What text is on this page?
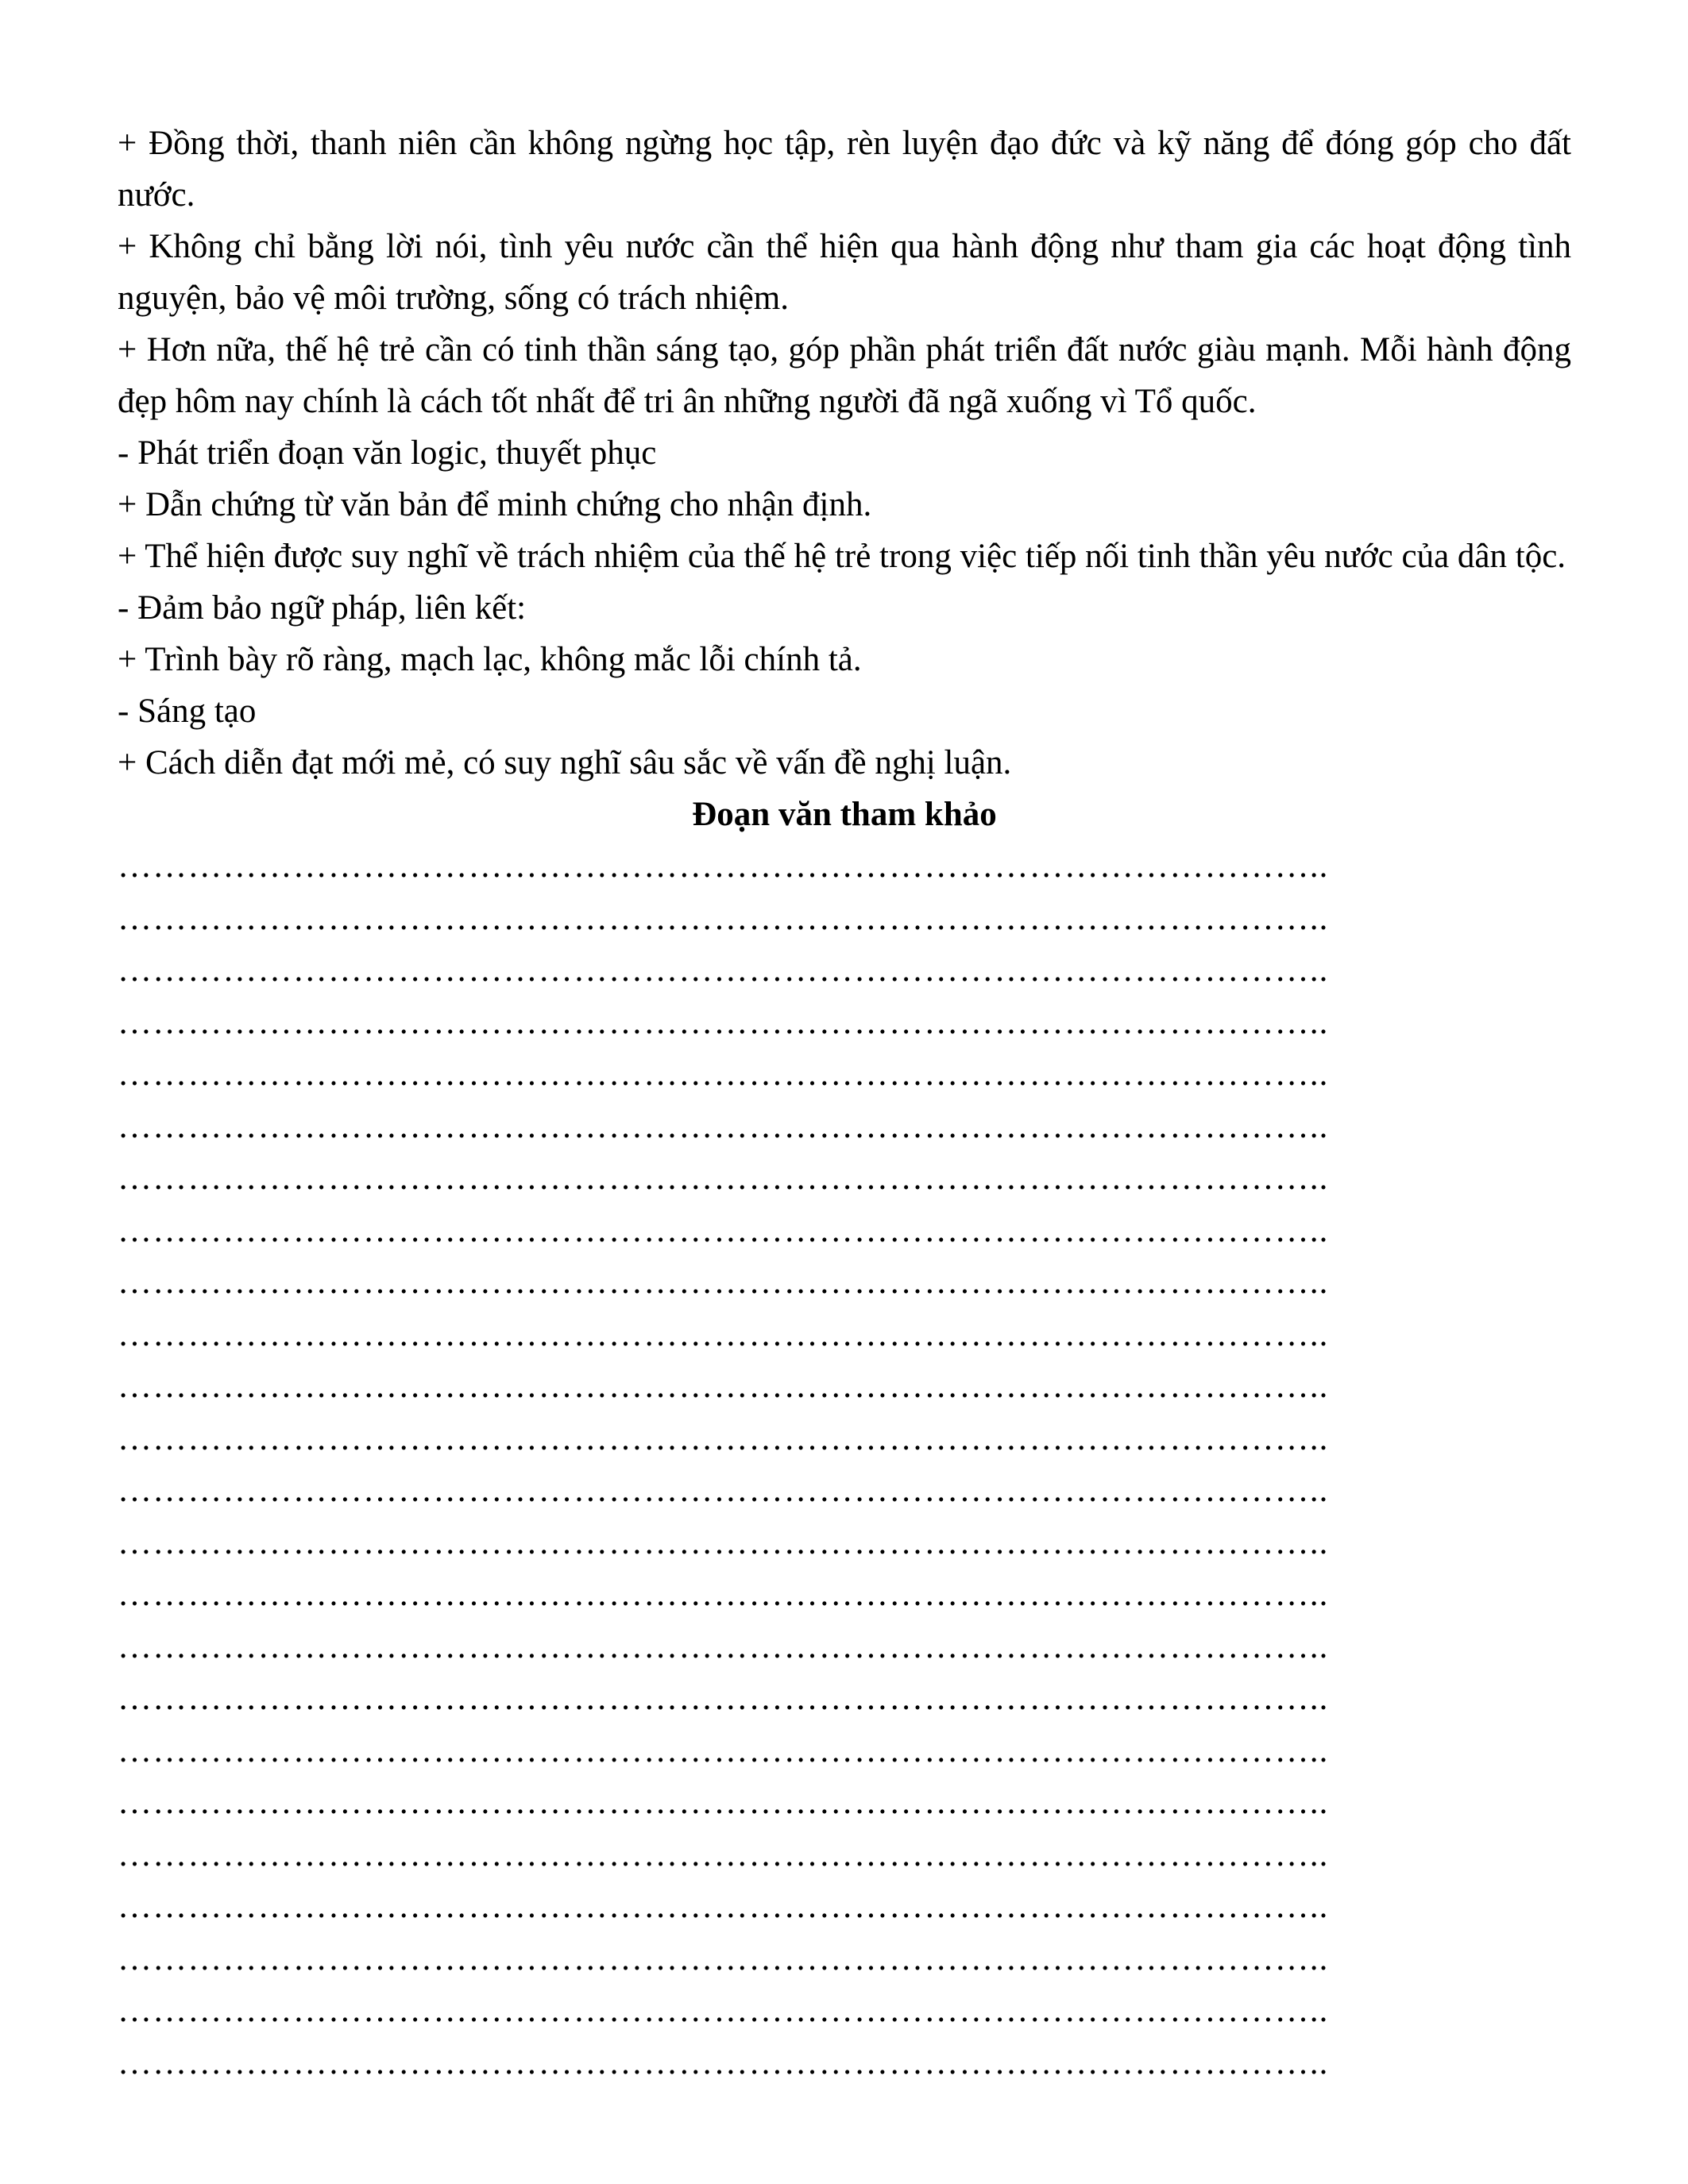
+ Đồng thời, thanh niên cần không ngừng học tập, rèn luyện đạo đức và kỹ năng để đóng góp cho đất nước.

+ Không chỉ bằng lời nói, tình yêu nước cần thể hiện qua hành động như tham gia các hoạt động tình nguyện, bảo vệ môi trường, sống có trách nhiệm.

+ Hơn nữa, thế hệ trẻ cần có tinh thần sáng tạo, góp phần phát triển đất nước giàu mạnh. Mỗi hành động đẹp hôm nay chính là cách tốt nhất để tri ân những người đã ngã xuống vì Tổ quốc.

- Phát triển đoạn văn logic, thuyết phục

+ Dẫn chứng từ văn bản để minh chứng cho nhận định.

+ Thể hiện được suy nghĩ về trách nhiệm của thế hệ trẻ trong việc tiếp nối tinh thần yêu nước của dân tộc.

- Đảm bảo ngữ pháp, liên kết:

+ Trình bày rõ ràng, mạch lạc, không mắc lỗi chính tả.

- Sáng tạo

+ Cách diễn đạt mới mẻ, có suy nghĩ sâu sắc về vấn đề nghị luận.

Đoạn văn tham khảo

…………………………………………………………………………………………..
…………………………………………………………………………………………..
…………………………………………………………………………………………..
…………………………………………………………………………………………..
…………………………………………………………………………………………..
…………………………………………………………………………………………..
…………………………………………………………………………………………..
…………………………………………………………………………………………..
…………………………………………………………………………………………..
…………………………………………………………………………………………..
…………………………………………………………………………………………..
…………………………………………………………………………………………..
…………………………………………………………………………………………..
…………………………………………………………………………………………..
…………………………………………………………………………………………..
…………………………………………………………………………………………..
…………………………………………………………………………………………..
…………………………………………………………………………………………..
…………………………………………………………………………………………..
…………………………………………………………………………………………..
…………………………………………………………………………………………..
…………………………………………………………………………………………..
…………………………………………………………………………………………..
…………………………………………………………………………………………..
